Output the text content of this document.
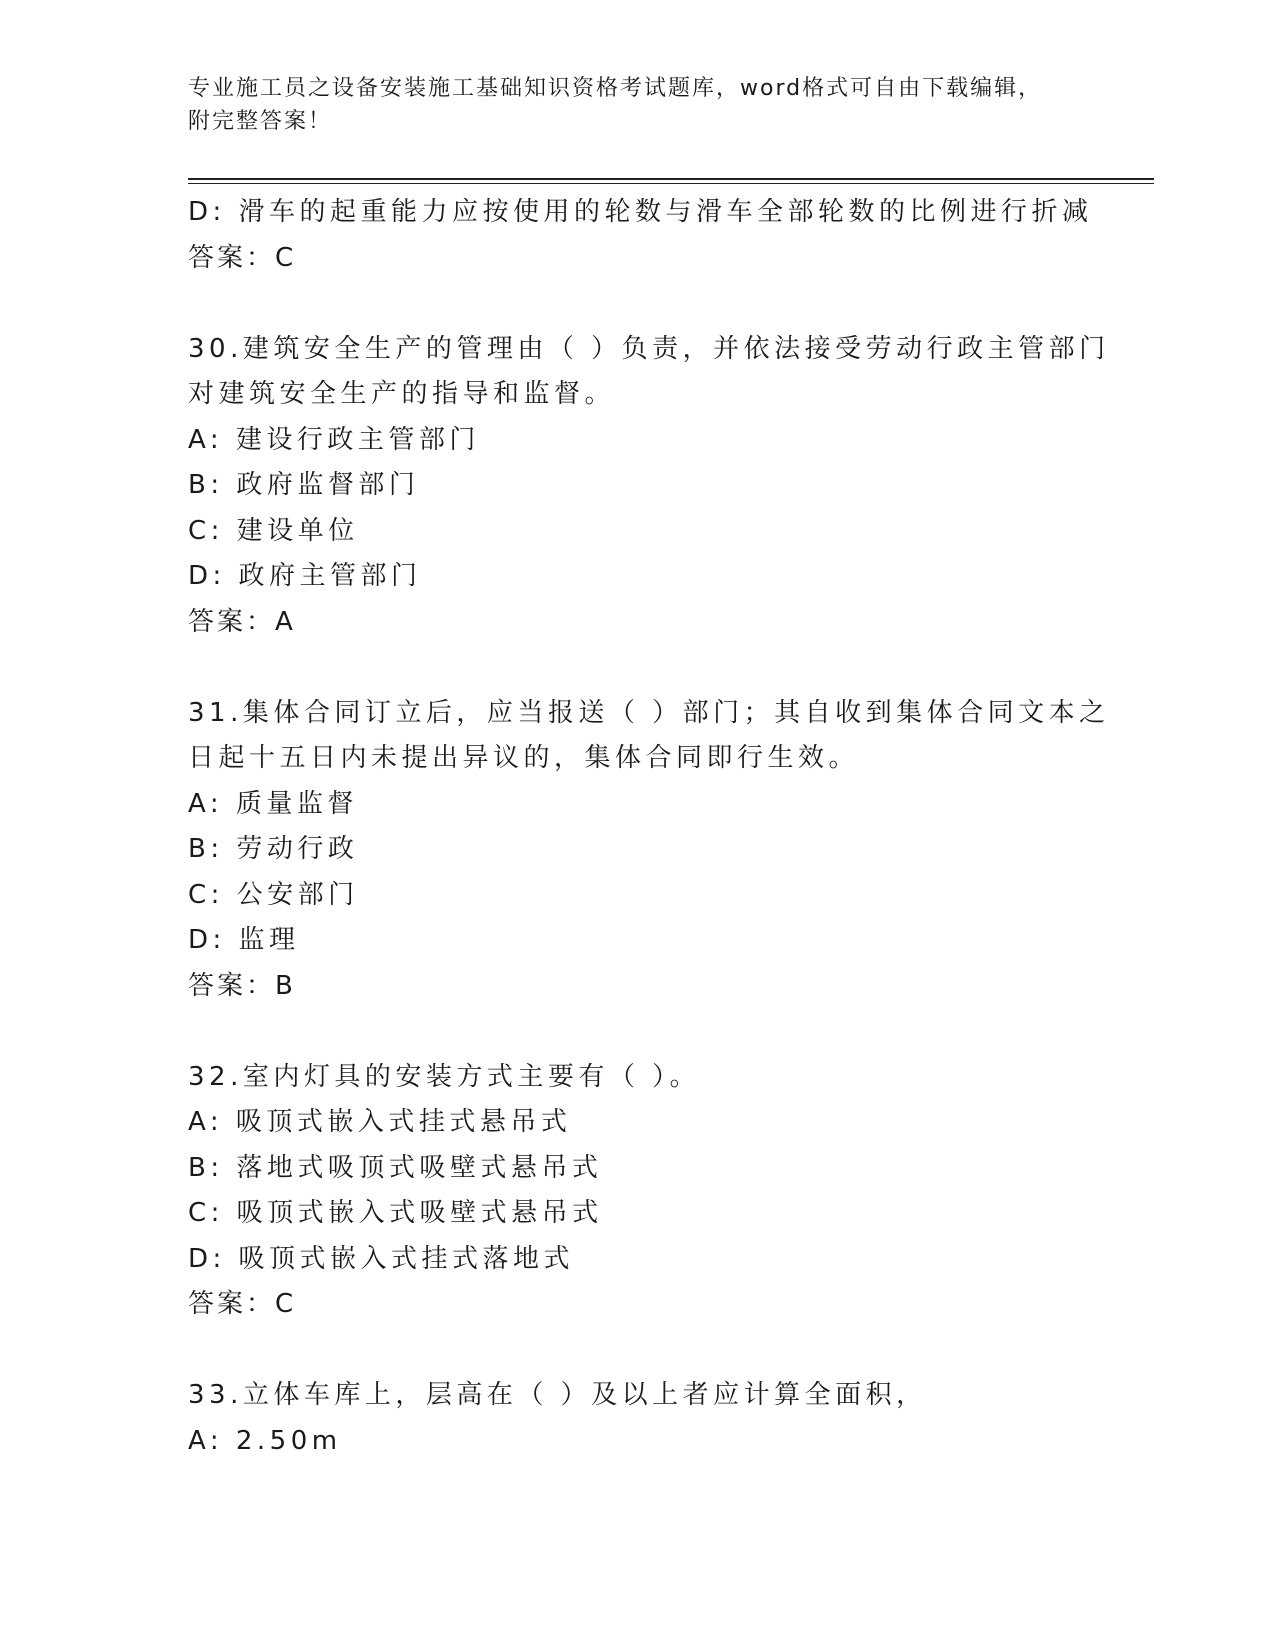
专业施工员之设备安装施工基础知识资格考试题库，word格式可自由下载编辑，
附完整答案！
D: 滑车的起重能力应按使用的轮数与滑车全部轮数的比例进行折减
答案：C
30.建筑安全生产的管理由（ ）负责，并依法接受劳动行政主管部门
对建筑安全生产的指导和监督。
A: 建设行政主管部门
B: 政府监督部门
C: 建设单位
D: 政府主管部门
答案：A
31.集体合同订立后，应当报送（ ）部门；其自收到集体合同文本之
日起十五日内未提出异议的，集体合同即行生效。
A: 质量监督
B: 劳动行政
C: 公安部门
D: 监理
答案：B
32.室内灯具的安装方式主要有（ ）。
A: 吸顶式嵌入式挂式悬吊式
B: 落地式吸顶式吸壁式悬吊式
C: 吸顶式嵌入式吸壁式悬吊式
D: 吸顶式嵌入式挂式落地式
答案：C
33.立体车库上，层高在（ ）及以上者应计算全面积，
A: 2.50m
